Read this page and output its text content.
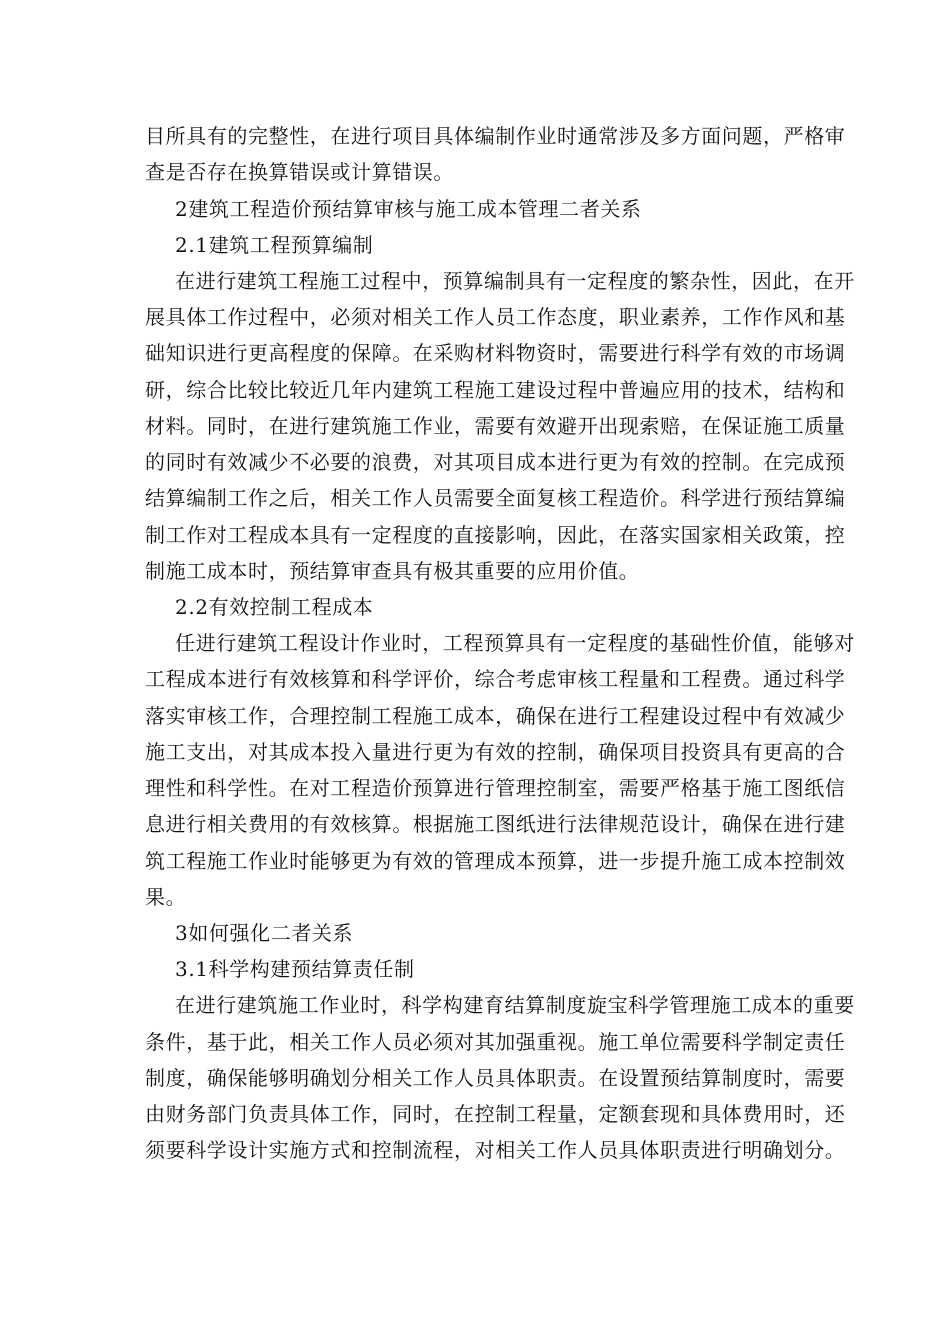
目所具有的完整性，在进行项目具体编制作业时通常涉及多方面问题，严格审
查是否存在换算错误或计算错误。
2建筑工程造价预结算审核与施工成本管理二者关系
2.1建筑工程预算编制
在进行建筑工程施工过程中，预算编制具有一定程度的繁杂性，因此，在开
展具体工作过程中，必须对相关工作人员工作态度，职业素养，工作作风和基
础知识进行更高程度的保障。在采购材料物资时，需要进行科学有效的市场调
研，综合比较比较近几年内建筑工程施工建设过程中普遍应用的技术，结构和
材料。同时，在进行建筑施工作业，需要有效避开出现索赔，在保证施工质量
的同时有效减少不必要的浪费，对其项目成本进行更为有效的控制。在完成预
结算编制工作之后，相关工作人员需要全面复核工程造价。科学进行预结算编
制工作对工程成本具有一定程度的直接影响，因此，在落实国家相关政策，控
制施工成本时，预结算审查具有极其重要的应用价值。
2.2有效控制工程成本
任进行建筑工程设计作业时，工程预算具有一定程度的基础性价值，能够对
工程成本进行有效核算和科学评价，综合考虑审核工程量和工程费。通过科学
落实审核工作，合理控制工程施工成本，确保在进行工程建设过程中有效减少
施工支出，对其成本投入量进行更为有效的控制，确保项目投资具有更高的合
理性和科学性。在对工程造价预算进行管理控制室，需要严格基于施工图纸信
息进行相关费用的有效核算。根据施工图纸进行法律规范设计，确保在进行建
筑工程施工作业时能够更为有效的管理成本预算，进一步提升施工成本控制效
果。
3如何强化二者关系
3.1科学构建预结算责任制
在进行建筑施工作业时，科学构建育结算制度旋宝科学管理施工成本的重要
条件，基于此，相关工作人员必须对其加强重视。施工单位需要科学制定责任
制度，确保能够明确划分相关工作人员具体职责。在设置预结算制度时，需要
由财务部门负责具体工作，同时，在控制工程量，定额套现和具体费用时，还
须要科学设计实施方式和控制流程，对相关工作人员具体职责进行明确划分。
